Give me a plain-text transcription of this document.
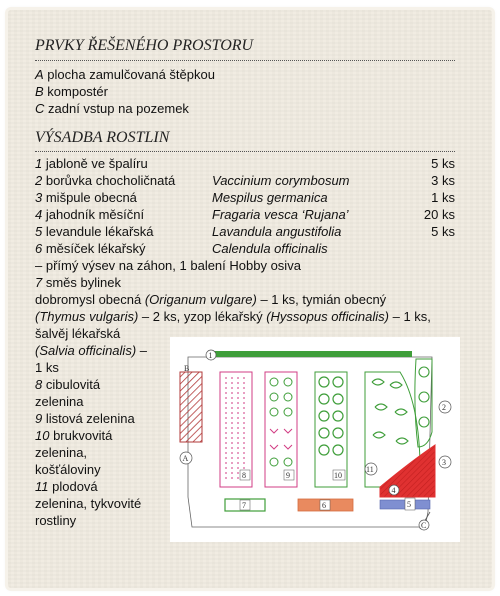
PRVKY ŘEŠENÉHO PROSTORU
A plocha zamulčovaná štěpkou
B kompostér
C zadní vstup na pozemek
VÝSADBA ROSTLIN
1 jabloně ve špalíru	5 ks
2 borůvka chocholičnatá	Vaccinium corymbosum	3 ks
3 mišpule obecná	Mespilus germanica	1 ks
4 jahodník měsíční	Fragaria vesca ‘Rujana’	20 ks
5 levandule lékařská	Lavandula angustifolia	5 ks
6 měsíček lékařský	Calendula officinalis
– přímý výsev na záhon, 1 balení Hobby osiva
7 směs bylinek
dobromysl obecná (Origanum vulgare) – 1 ks, tymián obecný
(Thymus vulgaris) – 2 ks, yzop lékařský (Hyssopus officinalis) – 1 ks,
šalvěj lékařská
(Salvia officinalis) –
1 ks
8 cibulovitá
zelenina
9 listová zelenina
10 brukvovitá
zelenina,
košťáloviny
11 plodová
zelenina, tykvovité
rostliny
1
B
A
8	9	10
11
2
4
3
5
7	6
C
